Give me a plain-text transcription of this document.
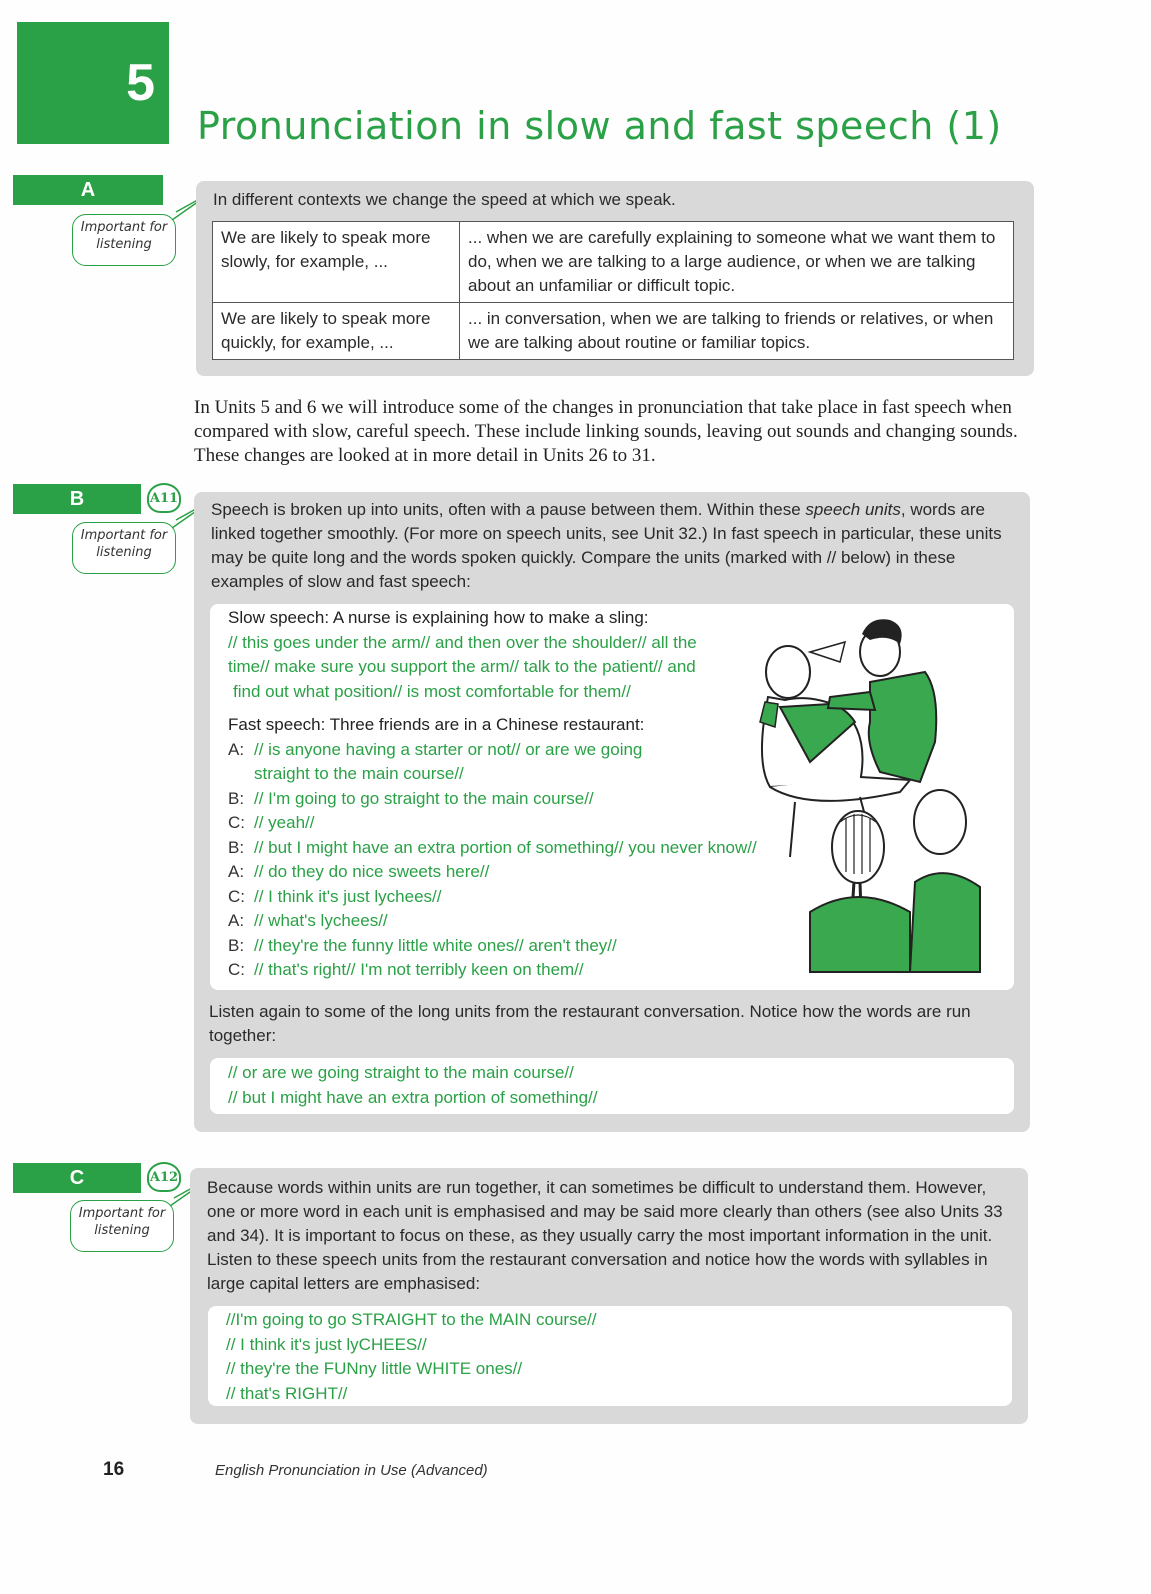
5
Pronunciation in slow and fast speech (1)
A
Important for listening
In different contexts we change the speed at which we speak.
We are likely to speak more slowly, for example, ...	... when we are carefully explaining to someone what we want them to do, when we are talking to a large audience, or when we are talking about an unfamiliar or difficult topic.
We are likely to speak more quickly, for example, ...	... in conversation, when we are talking to friends or relatives, or when we are talking about routine or familiar topics.
In Units 5 and 6 we will introduce some of the changes in pronunciation that take place in fast speech when compared with slow, careful speech. These include linking sounds, leaving out sounds and changing sounds. These changes are looked at in more detail in Units 26 to 31.
B	A11
Important for listening
Speech is broken up into units, often with a pause between them. Within these speech units, words are linked together smoothly. (For more on speech units, see Unit 32.) In fast speech in particular, these units may be quite long and the words spoken quickly. Compare the units (marked with // below) in these examples of slow and fast speech:
Slow speech: A nurse is explaining how to make a sling:
// this goes under the arm// and then over the shoulder// all the
time// make sure you support the arm// talk to the patient// and
find out what position// is most comfortable for them//
Fast speech: Three friends are in a Chinese restaurant:
A: // is anyone having a starter or not// or are we going
straight to the main course//
B: // I'm going to go straight to the main course//
C: // yeah//
B: // but I might have an extra portion of something// you never know//
A: // do they do nice sweets here//
C: // I think it's just lychees//
A: // what's lychees//
B: // they're the funny little white ones// aren't they//
C: // that's right// I'm not terribly keen on them//
Listen again to some of the long units from the restaurant conversation. Notice how the words are run together:
// or are we going straight to the main course//
// but I might have an extra portion of something//
C	A12
Important for listening
Because words within units are run together, it can sometimes be difficult to understand them. However, one or more word in each unit is emphasised and may be said more clearly than others (see also Units 33 and 34). It is important to focus on these, as they usually carry the most important information in the unit. Listen to these speech units from the restaurant conversation and notice how the words with syllables in large capital letters are emphasised:
//I'm going to go STRAIGHT to the MAIN course//
// I think it's just lyCHEES//
// they're the FUNny little WHITE ones//
// that's RIGHT//
16	English Pronunciation in Use (Advanced)
